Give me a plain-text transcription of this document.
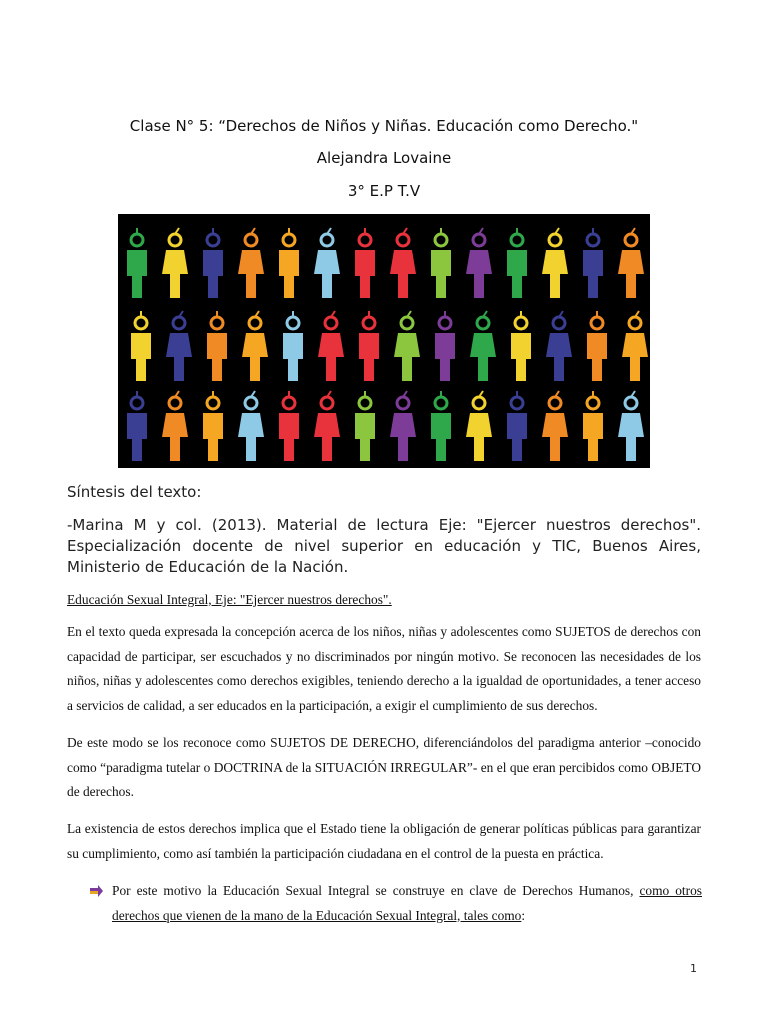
Clase N° 5: “Derechos de Niños y Niñas. Educación como Derecho."
Alejandra Lovaine
3° E.P T.V
Síntesis del texto:
-Marina M y col. (2013). Material de lectura Eje: "Ejercer nuestros derechos". Especialización docente de nivel superior en educación y TIC, Buenos Aires, Ministerio de Educación de la Nación.
Educación Sexual Integral, Eje: "Ejercer nuestros derechos".
En el texto queda expresada la concepción acerca de los niños, niñas y adolescentes como SUJETOS de derechos con capacidad de participar, ser escuchados y no discriminados por ningún motivo. Se reconocen las necesidades de los niños, niñas y adolescentes como derechos exigibles, teniendo derecho a la igualdad de oportunidades, a tener acceso a servicios de calidad, a ser educados en la participación, a exigir el cumplimiento de sus derechos.
De este modo se los reconoce como SUJETOS DE DERECHO, diferenciándolos del paradigma anterior –conocido como “paradigma tutelar o DOCTRINA de la SITUACIÓN IRREGULAR”- en el que eran percibidos como OBJETO de derechos.
La existencia de estos derechos implica que el Estado tiene la obligación de generar políticas públicas para garantizar su cumplimiento, como así también la participación ciudadana en el control de la puesta en práctica.
Por este motivo la Educación Sexual Integral se construye en clave de Derechos Humanos, como otros derechos que vienen de la mano de la Educación Sexual Integral, tales como:
1
